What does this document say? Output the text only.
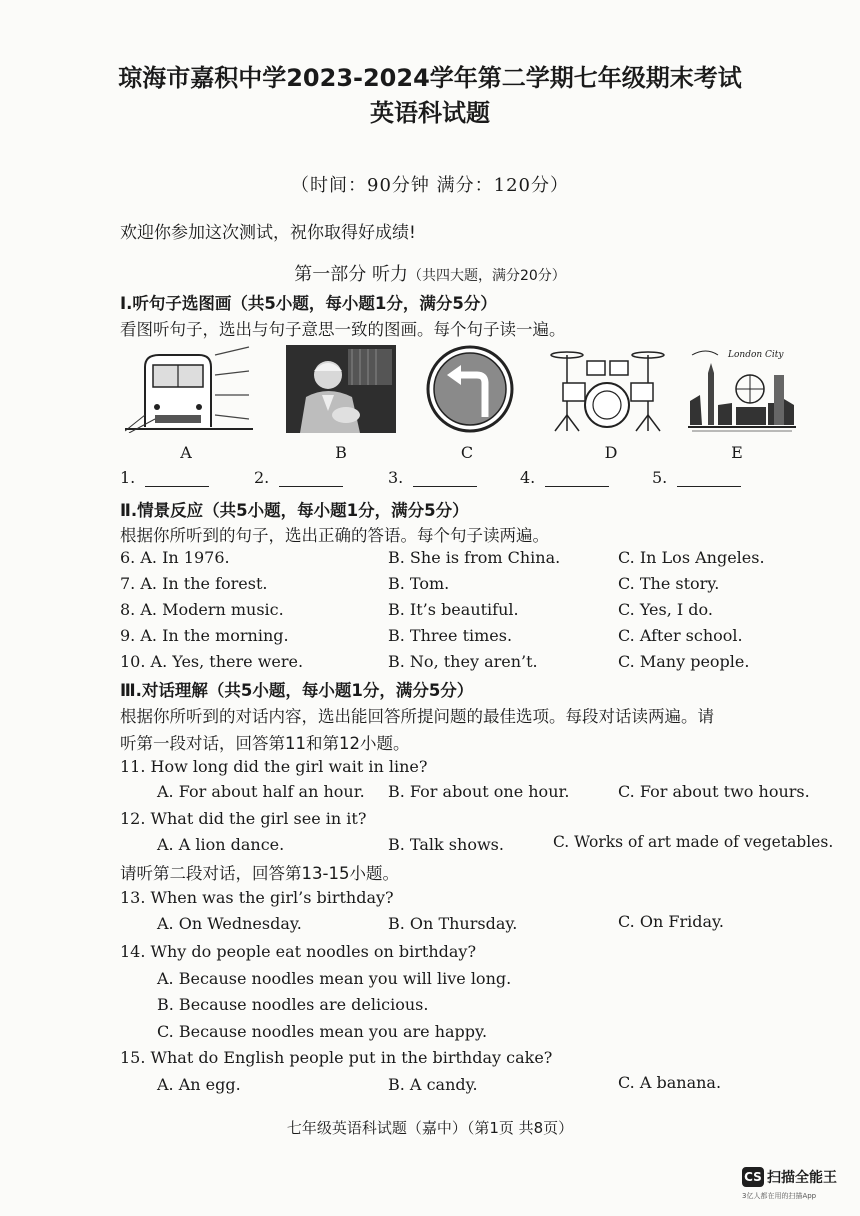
琼海市嘉积中学2023-2024学年第二学期七年级期末考试
英语科试题
（时间：90分钟 满分：120分）
欢迎你参加这次测试，祝你取得好成绩!
第一部分 听力（共四大题，满分20分）
Ⅰ.听句子选图画（共5小题，每小题1分，满分5分）
看图听句子，选出与句子意思一致的图画。每个句子读一遍。
London City
A	B	C	D	E
1.	2.	3.	4.	5.
Ⅱ.情景反应（共5小题，每小题1分，满分5分）
根据你所听到的句子，选出正确的答语。每个句子读两遍。
6. A. In 1976.	B. She is from China.	C. In Los Angeles.
7. A. In the forest.	B. Tom.	C. The story.
8. A. Modern music.	B. It’s beautiful.	C. Yes, I do.
9. A. In the morning.	B. Three times.	C. After school.
10. A. Yes, there were.	B. No, they aren’t.	C. Many people.
Ⅲ.对话理解（共5小题，每小题1分，满分5分）
根据你所听到的对话内容，选出能回答所提问题的最佳选项。每段对话读两遍。请
听第一段对话，回答第11和第12小题。
11. How long did the girl wait in line?
A. For about half an hour. B. For about one hour.	C. For about two hours.
12. What did the girl see in it?
A. A lion dance.	B. Talk shows.	C. Works of art made of vegetables.
请听第二段对话，回答第13-15小题。
13. When was the girl’s birthday?
A. On Wednesday.	B. On Thursday.	C. On Friday.
14. Why do people eat noodles on birthday?
A. Because noodles mean you will live long.
B. Because noodles are delicious.
C. Because noodles mean you are happy.
15. What do English people put in the birthday cake?
A. An egg.	B. A candy.	C. A banana.
七年级英语科试题（嘉中）（第1页 共8页）
CS 扫描全能王
3亿人都在用的扫描App
